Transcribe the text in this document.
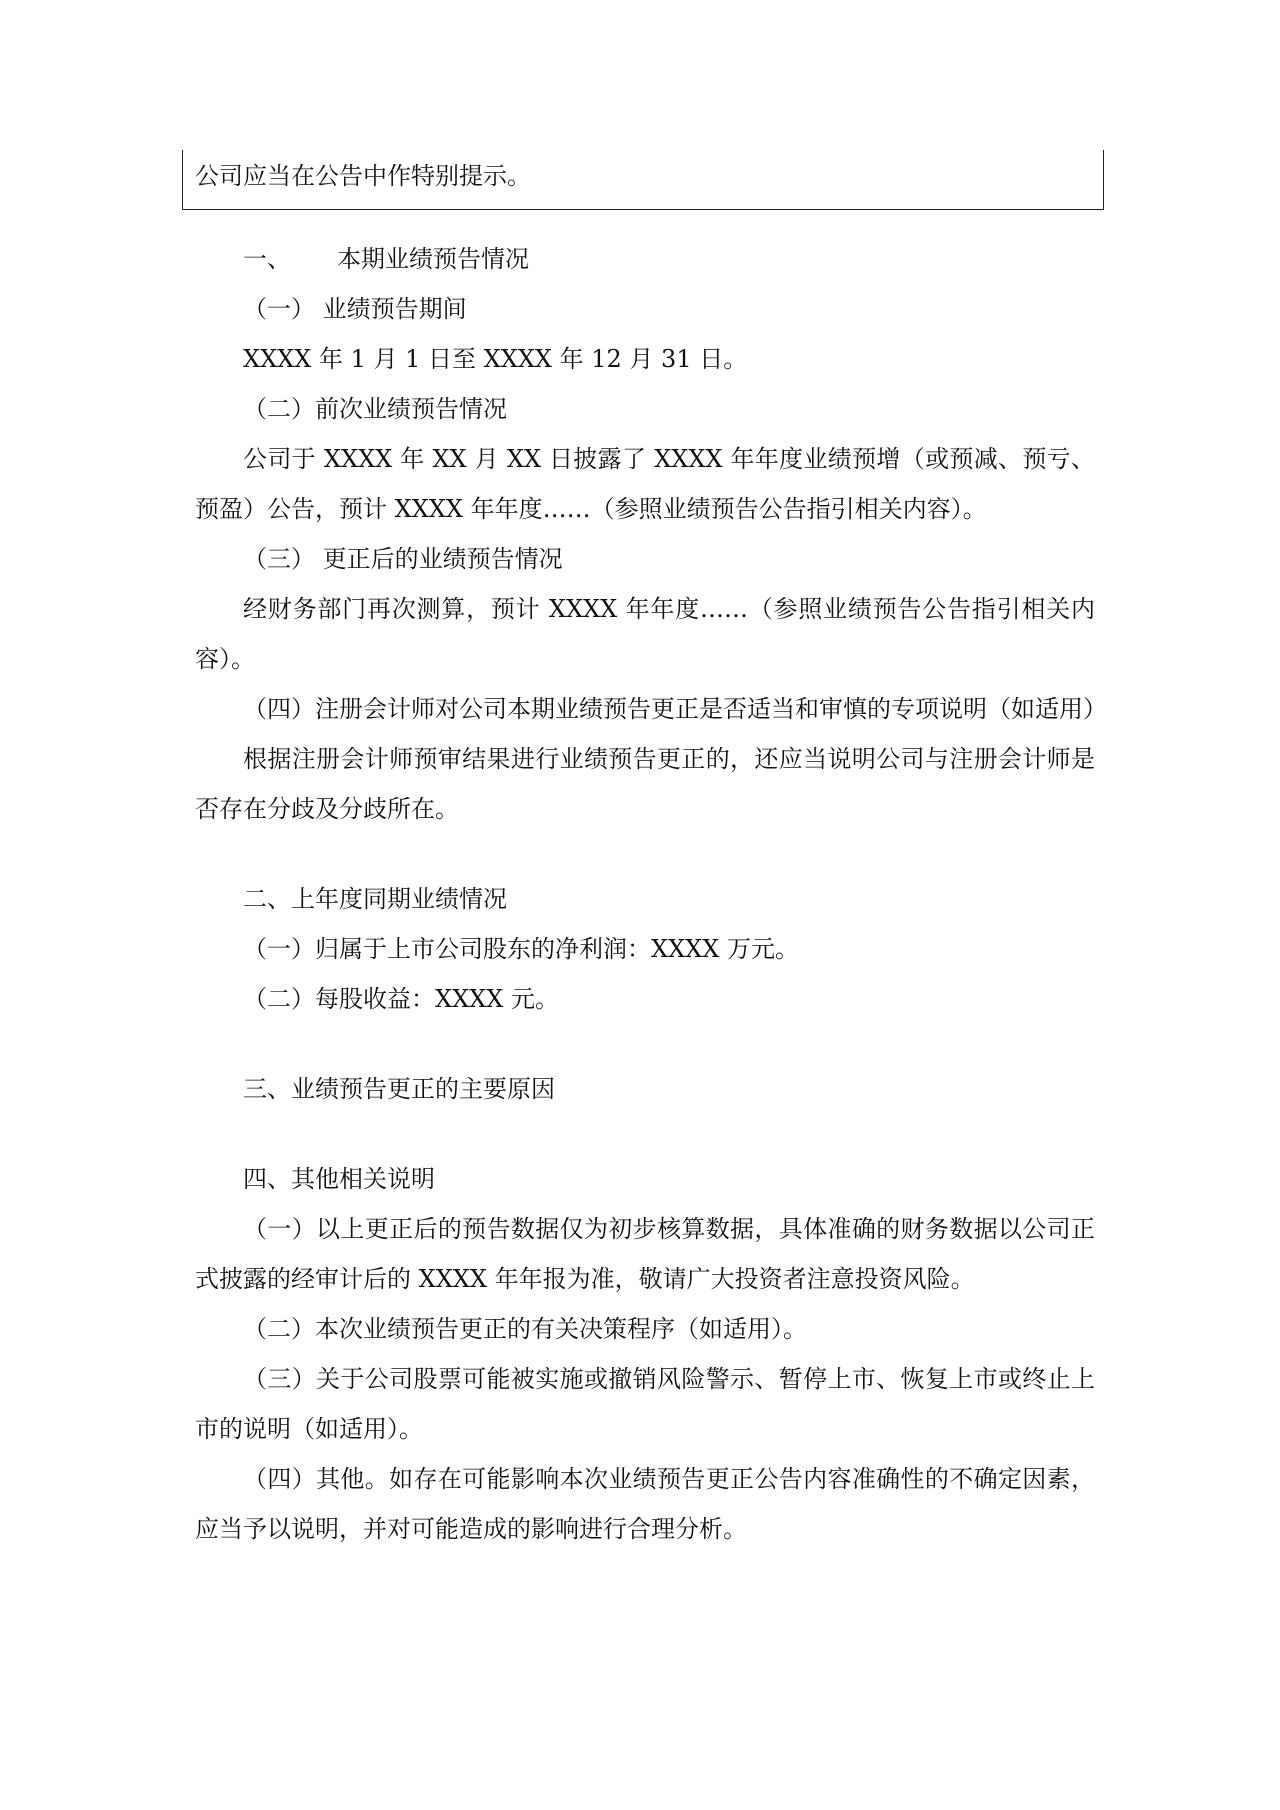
公司应当在公告中作特别提示。

一、 本期业绩预告情况

（一） 业绩预告期间

XXXX 年 1 月 1 日至 XXXX 年 12 月 31 日。

（二）前次业绩预告情况

公司于 XXXX 年 XX 月 XX 日披露了 XXXX 年年度业绩预增（或预减、预亏、预盈）公告，预计 XXXX 年年度……（参照业绩预告公告指引相关内容）。

（三） 更正后的业绩预告情况

经财务部门再次测算，预计 XXXX 年年度……（参照业绩预告公告指引相关内容）。

（四）注册会计师对公司本期业绩预告更正是否适当和审慎的专项说明（如适用）

根据注册会计师预审结果进行业绩预告更正的，还应当说明公司与注册会计师是否存在分歧及分歧所在。

二、上年度同期业绩情况

（一）归属于上市公司股东的净利润：XXXX 万元。

（二）每股收益：XXXX 元。

三、业绩预告更正的主要原因

四、其他相关说明

（一）以上更正后的预告数据仅为初步核算数据，具体准确的财务数据以公司正式披露的经审计后的 XXXX 年年报为准，敬请广大投资者注意投资风险。

（二）本次业绩预告更正的有关决策程序（如适用）。

（三）关于公司股票可能被实施或撤销风险警示、暂停上市、恢复上市或终止上市的说明（如适用）。

（四）其他。如存在可能影响本次业绩预告更正公告内容准确性的不确定因素，应当予以说明，并对可能造成的影响进行合理分析。
